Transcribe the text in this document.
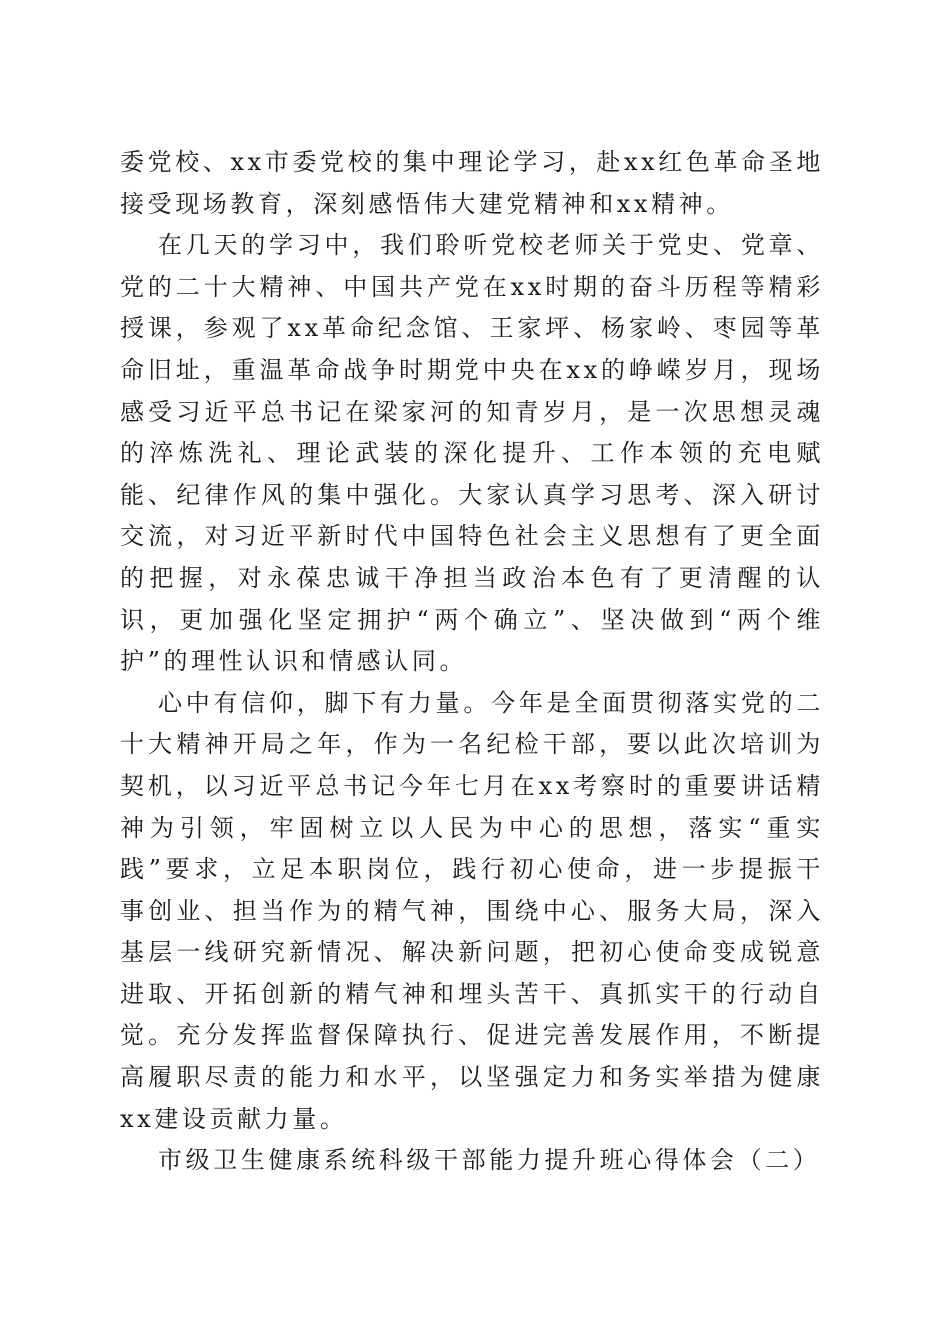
委党校、xx市委党校的集中理论学习，赴xx红色革命圣地接受现场教育，深刻感悟伟大建党精神和xx精神。

在几天的学习中，我们聆听党校老师关于党史、党章、党的二十大精神、中国共产党在xx时期的奋斗历程等精彩授课，参观了xx革命纪念馆、王家坪、杨家岭、枣园等革命旧址，重温革命战争时期党中央在xx的峥嵘岁月，现场感受习近平总书记在梁家河的知青岁月，是一次思想灵魂的淬炼洗礼、理论武装的深化提升、工作本领的充电赋能、纪律作风的集中强化。大家认真学习思考、深入研讨交流，对习近平新时代中国特色社会主义思想有了更全面的把握，对永葆忠诚干净担当政治本色有了更清醒的认识，更加强化坚定拥护“两个确立”、坚决做到“两个维护”的理性认识和情感认同。

心中有信仰，脚下有力量。今年是全面贯彻落实党的二十大精神开局之年，作为一名纪检干部，要以此次培训为契机，以习近平总书记今年七月在xx考察时的重要讲话精神为引领，牢固树立以人民为中心的思想，落实“重实践”要求，立足本职岗位，践行初心使命，进一步提振干事创业、担当作为的精气神，围绕中心、服务大局，深入基层一线研究新情况、解决新问题，把初心使命变成锐意进取、开拓创新的精气神和埋头苦干、真抓实干的行动自觉。充分发挥监督保障执行、促进完善发展作用，不断提高履职尽责的能力和水平，以坚强定力和务实举措为健康xx建设贡献力量。

市级卫生健康系统科级干部能力提升班心得体会（二）
